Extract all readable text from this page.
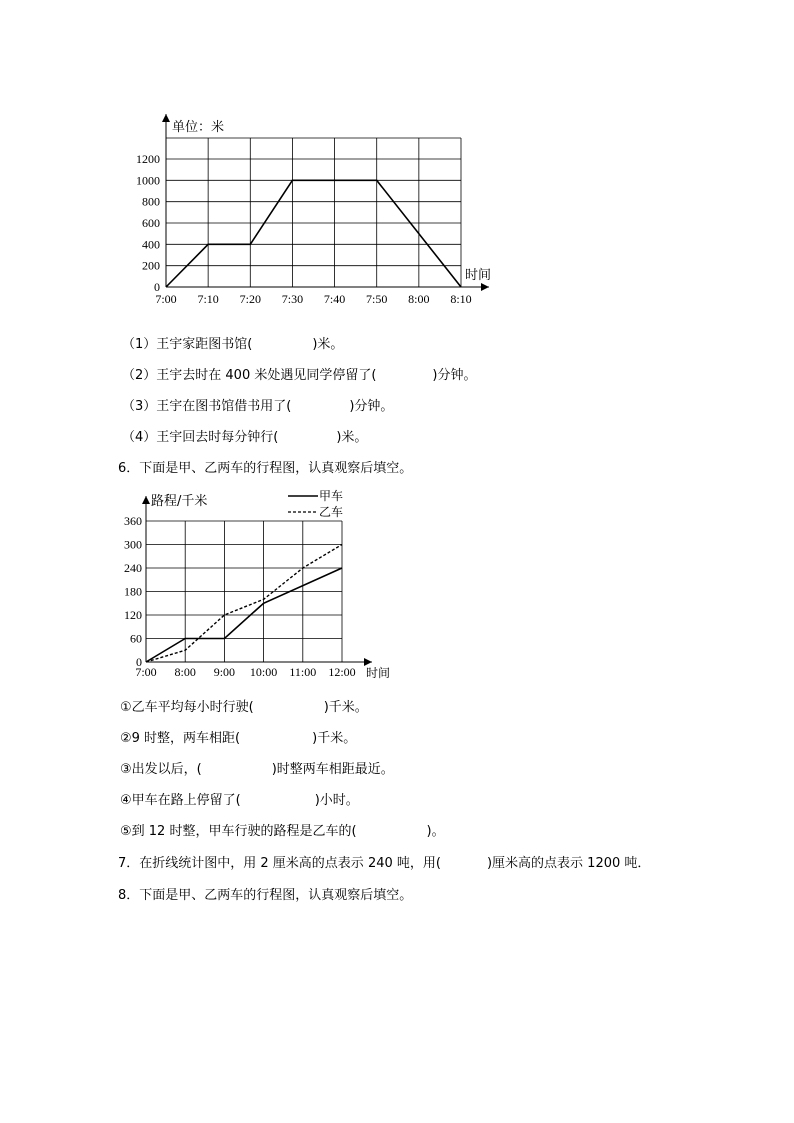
0
200
400
600
800
1000
1200
7:00 7:10 7:20 7:30 7:40 7:50 8:00 8:10
单位：米
时间
（1）王宇家距图书馆(	)米。
（2）王宇去时在 400 米处遇见同学停留了(	)分钟。
（3）王宇在图书馆借书用了(	)分钟。
（4）王宇回去时每分钟行(	)米。
6．下面是甲、乙两车的行程图，认真观察后填空。
0
60
120
180
240
300
360
7:00 8:00 9:00 10:00 11:00 12:00
路程/千米
时间
甲车
乙车
①乙车平均每小时行驶(	)千米。
②9 时整，两车相距(	)千米。
③出发以后，(	)时整两车相距最近。
④甲车在路上停留了(	)小时。
⑤到 12 时整，甲车行驶的路程是乙车的(	)。
7．在折线统计图中，用 2 厘米高的点表示 240 吨，用(	)厘米高的点表示 1200 吨．
8．下面是甲、乙两车的行程图，认真观察后填空。
